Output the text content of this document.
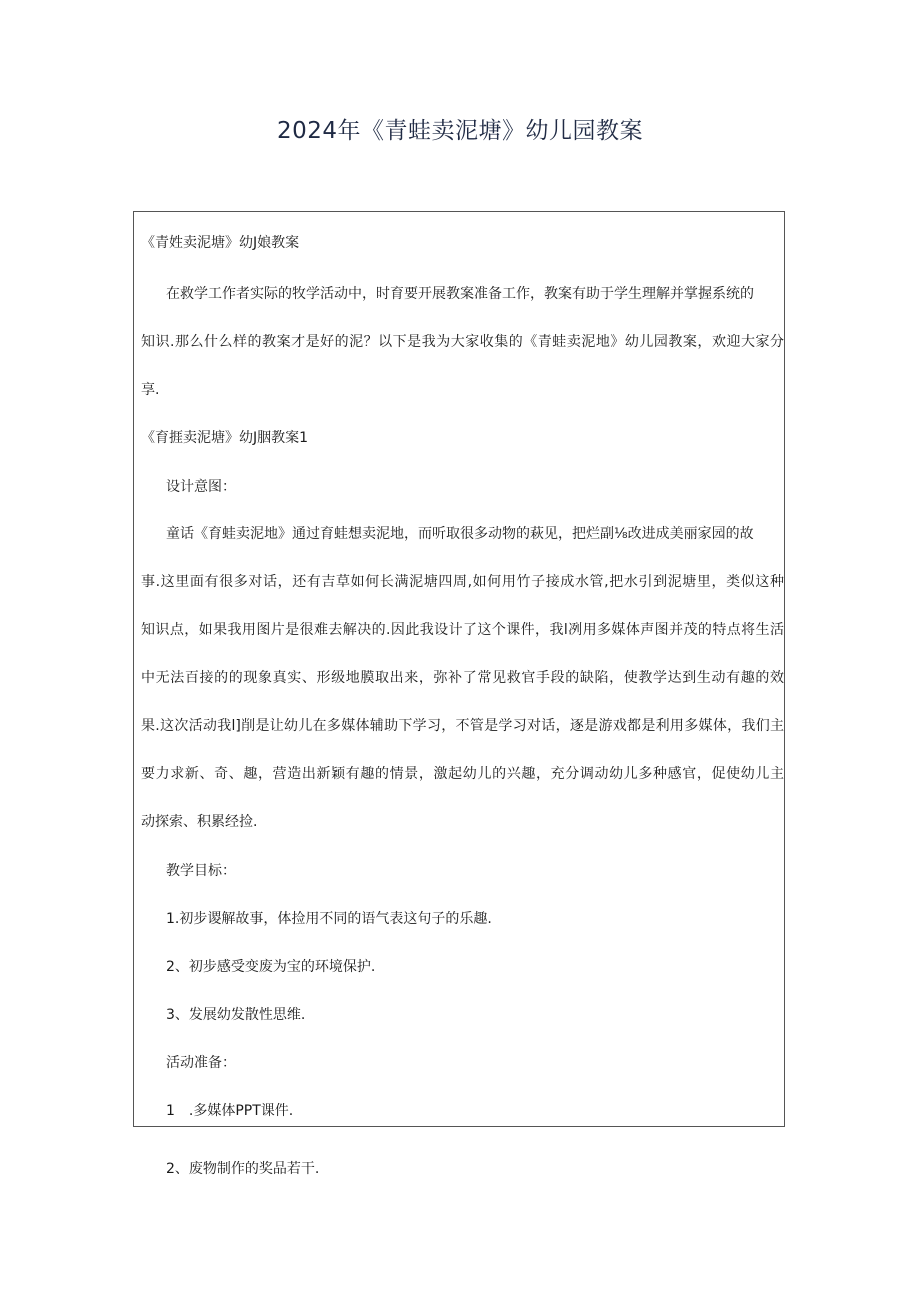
2024年《青蛙卖泥塘》幼儿园教案
《青姓卖泥塘》幼J娘教案
在救学工作者实际的牧学活动中，时育要开展教案准备工作，教案有助于学生理解并掌握系统的
知识.那么什么样的教案才是好的泥？以下是我为大家收集的《青蛙卖泥地》幼儿园教案，欢迎大家分
享.
《育捱卖泥塘》幼J胭教案1
设计意图：
童话《育蛙卖泥地》通过育蛙想卖泥地，而听取很多动物的萩见，把烂副⅛改进成美丽家园的故
事.这里面有很多对话，还有吉草如何长满泥塘四周,如何用竹子接成水管,把水引到泥塘里，类似这种
知识点，如果我用图片是很难去解决的.因此我设计了这个课件，我l冽用多媒体声图并茂的特点将生活
中无法百接的的现象真实、形级地膜取出来，弥补了常见救官手段的缺陷，使教学达到生动有趣的效
果.这次活动我l]削是让幼儿在多媒体辅助下学习，不管是学习对话，逐是游戏都是利用多媒体，我们主
要力求新、奇、趣，营造出新颖有趣的情景，激起幼儿的兴趣，充分调动幼儿多种感官，促使幼儿主
动探索、积累经捡.
教学目标：
1.初步谡解故事，体捡用不同的语气表这句子的乐趣.
2、初步感受变废为宝的环境保护.
3、发展幼发散性思维.
活动准备：
1　.多媒体PPT课件.
2、废物制作的奖品若干.
